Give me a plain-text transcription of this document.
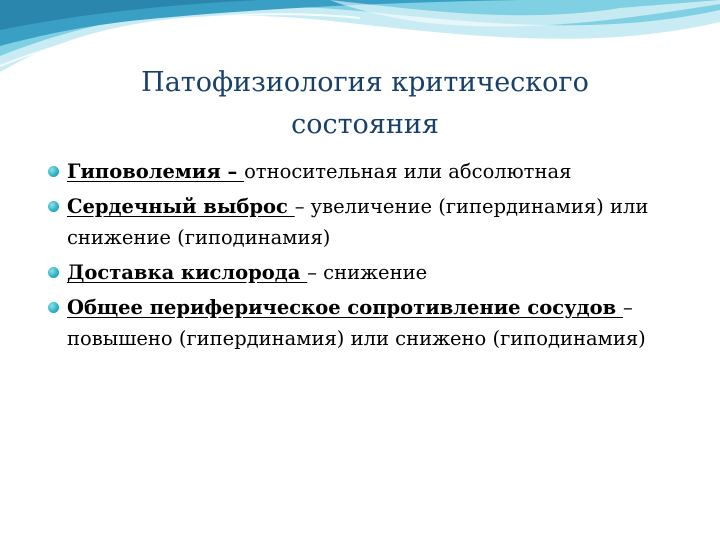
Патофизиология критического
состояния
Гиповолемия – относительная или абсолютная
Сердечный выброс – увеличение (гипердинамия) или снижение (гиподинамия)
Доставка кислорода – снижение
Общее периферическое сопротивление сосудов – повышено (гипердинамия) или снижено (гиподинамия)
